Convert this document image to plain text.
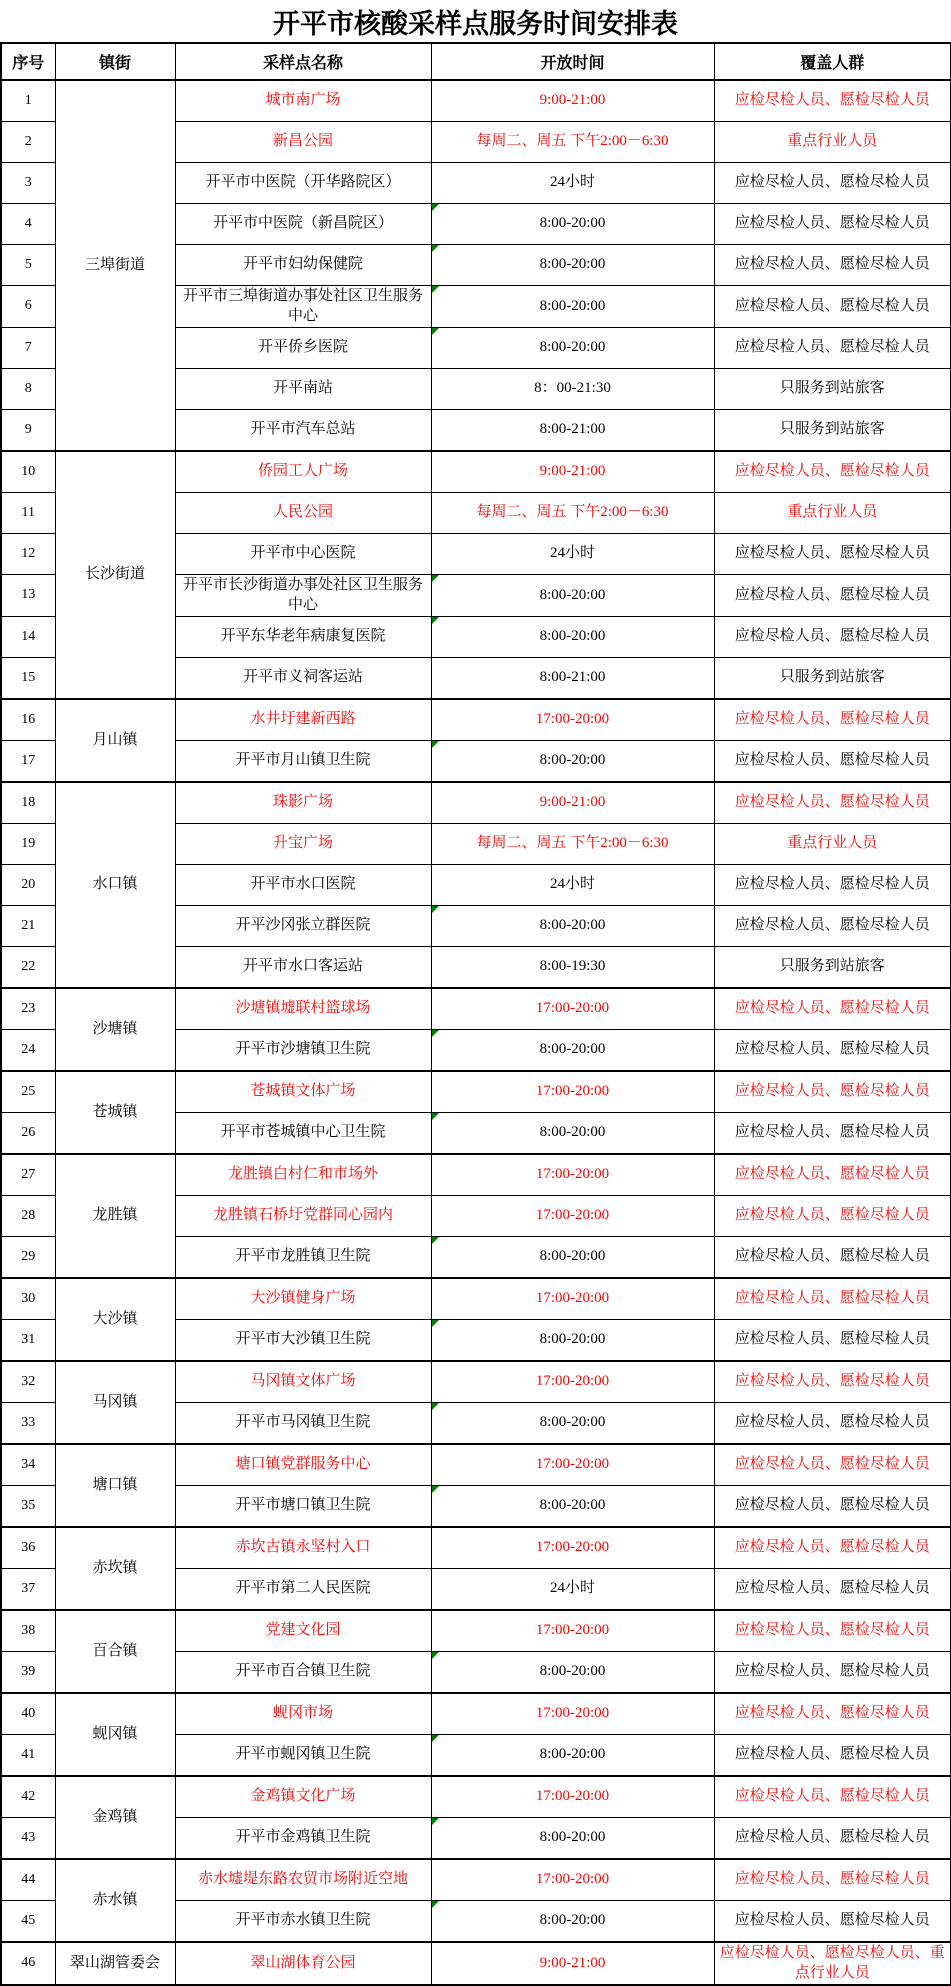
开平市核酸采样点服务时间安排表
序号	镇街	采样点名称	开放时间	覆盖人群
1	三埠街道	城市南广场	9:00-21:00	应检尽检人员、愿检尽检人员
2		新昌公园	每周二、周五 下午2:00－6:30	重点行业人员
3		开平市中医院（开华路院区）	24小时	应检尽检人员、愿检尽检人员
4		开平市中医院（新昌院区）	8:00-20:00	应检尽检人员、愿检尽检人员
5		开平市妇幼保健院	8:00-20:00	应检尽检人员、愿检尽检人员
6		开平市三埠街道办事处社区卫生服务中心	8:00-20:00	应检尽检人员、愿检尽检人员
7		开平侨乡医院	8:00-20:00	应检尽检人员、愿检尽检人员
8		开平南站	8：00-21:30	只服务到站旅客
9		开平市汽车总站	8:00-21:00	只服务到站旅客
10	长沙街道	侨园工人广场	9:00-21:00	应检尽检人员、愿检尽检人员
11		人民公园	每周二、周五 下午2:00－6:30	重点行业人员
12		开平市中心医院	24小时	应检尽检人员、愿检尽检人员
13		开平市长沙街道办事处社区卫生服务中心	8:00-20:00	应检尽检人员、愿检尽检人员
14		开平东华老年病康复医院	8:00-20:00	应检尽检人员、愿检尽检人员
15		开平市义祠客运站	8:00-21:00	只服务到站旅客
16	月山镇	水井圩建新西路	17:00-20:00	应检尽检人员、愿检尽检人员
17		开平市月山镇卫生院	8:00-20:00	应检尽检人员、愿检尽检人员
18	水口镇	珠影广场	9:00-21:00	应检尽检人员、愿检尽检人员
19		升宝广场	每周二、周五 下午2:00－6:30	重点行业人员
20		开平市水口医院	24小时	应检尽检人员、愿检尽检人员
21		开平沙冈张立群医院	8:00-20:00	应检尽检人员、愿检尽检人员
22		开平市水口客运站	8:00-19:30	只服务到站旅客
23	沙塘镇	沙塘镇墟联村篮球场	17:00-20:00	应检尽检人员、愿检尽检人员
24		开平市沙塘镇卫生院	8:00-20:00	应检尽检人员、愿检尽检人员
25	苍城镇	苍城镇文体广场	17:00-20:00	应检尽检人员、愿检尽检人员
26		开平市苍城镇中心卫生院	8:00-20:00	应检尽检人员、愿检尽检人员
27	龙胜镇	龙胜镇白村仁和市场外	17:00-20:00	应检尽检人员、愿检尽检人员
28		龙胜镇石桥圩党群同心园内	17:00-20:00	应检尽检人员、愿检尽检人员
29		开平市龙胜镇卫生院	8:00-20:00	应检尽检人员、愿检尽检人员
30	大沙镇	大沙镇健身广场	17:00-20:00	应检尽检人员、愿检尽检人员
31		开平市大沙镇卫生院	8:00-20:00	应检尽检人员、愿检尽检人员
32	马冈镇	马冈镇文体广场	17:00-20:00	应检尽检人员、愿检尽检人员
33		开平市马冈镇卫生院	8:00-20:00	应检尽检人员、愿检尽检人员
34	塘口镇	塘口镇党群服务中心	17:00-20:00	应检尽检人员、愿检尽检人员
35		开平市塘口镇卫生院	8:00-20:00	应检尽检人员、愿检尽检人员
36	赤坎镇	赤坎古镇永坚村入口	17:00-20:00	应检尽检人员、愿检尽检人员
37		开平市第二人民医院	24小时	应检尽检人员、愿检尽检人员
38	百合镇	党建文化园	17:00-20:00	应检尽检人员、愿检尽检人员
39		开平市百合镇卫生院	8:00-20:00	应检尽检人员、愿检尽检人员
40	蚬冈镇	蚬冈市场	17:00-20:00	应检尽检人员、愿检尽检人员
41		开平市蚬冈镇卫生院	8:00-20:00	应检尽检人员、愿检尽检人员
42	金鸡镇	金鸡镇文化广场	17:00-20:00	应检尽检人员、愿检尽检人员
43		开平市金鸡镇卫生院	8:00-20:00	应检尽检人员、愿检尽检人员
44	赤水镇	赤水墟堤东路农贸市场附近空地	17:00-20:00	应检尽检人员、愿检尽检人员
45		开平市赤水镇卫生院	8:00-20:00	应检尽检人员、愿检尽检人员
46	翠山湖管委会	翠山湖体育公园	9:00-21:00	应检尽检人员、愿检尽检人员、重点行业人员
